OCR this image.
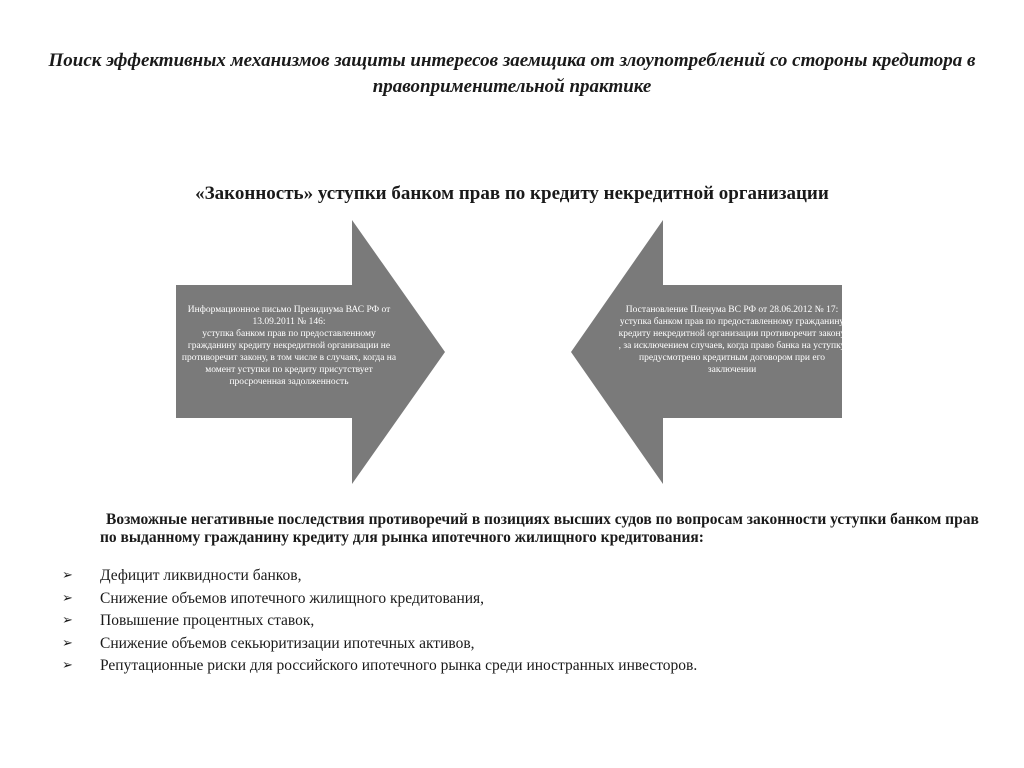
Поиск эффективных механизмов защиты интересов заемщика от злоупотреблений со стороны кредитора в правоприменительной практике
«Законность» уступки банком прав по кредиту некредитной организации

Информационное письмо Президиума ВАС РФ от 13.09.2011 № 146:

уступка банком прав по предоставленному гражданину кредиту некредитной организации не противоречит закону, в том числе в случаях, когда на момент уступки по кредиту присутствует просроченная задолженность

Постановление Пленума ВС РФ от 28.06.2012 № 17:

уступка банком прав по предоставленному гражданину кредиту некредитной организации противоречит закону , за исключением случаев, когда право банка на уступку предусмотрено кредитным договором при его заключении

Возможные негативные последствия противоречий в позициях высших судов по вопросам законности уступки банком прав по выданному гражданину кредиту для рынка ипотечного жилищного кредитования:
➢ Дефицит ликвидности банков,
➢ Снижение объемов ипотечного жилищного кредитования,
➢ Повышение процентных ставок,
➢ Снижение объемов секьюритизации ипотечных активов,
➢ Репутационные риски для российского ипотечного рынка среди иностранных инвесторов.
